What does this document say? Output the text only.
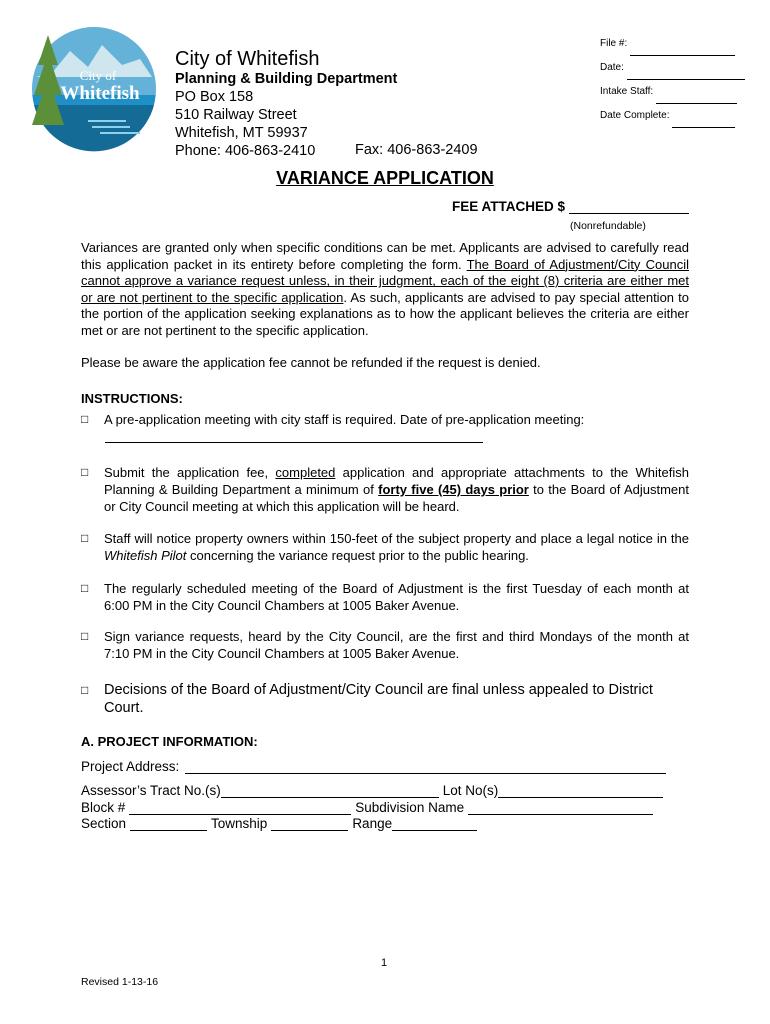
City of
Whitefish
File #:
Date:
Intake Staff:
Date Complete:
City of Whitefish
Planning & Building Department
PO Box 158
510 Railway Street
Whitefish, MT 59937
Phone: 406-863-2410	Fax: 406-863-2409
VARIANCE APPLICATION
FEE ATTACHED $
(Nonrefundable)
Variances are granted only when specific conditions can be met. Applicants are advised to carefully read this application packet in its entirety before completing the form. The Board of Adjustment/City Council cannot approve a variance request unless, in their judgment, each of the eight (8) criteria are either met or are not pertinent to the specific application. As such, applicants are advised to pay special attention to the portion of the application seeking explanations as to how the applicant believes the criteria are either met or are not pertinent to the specific application.
Please be aware the application fee cannot be refunded if the request is denied.
INSTRUCTIONS:
□	A pre-application meeting with city staff is required. Date of pre-application meeting:
□	Submit the application fee, completed application and appropriate attachments to the Whitefish Planning & Building Department a minimum of forty five (45) days prior to the Board of Adjustment or City Council meeting at which this application will be heard.
□	Staff will notice property owners within 150-feet of the subject property and place a legal notice in the Whitefish Pilot concerning the variance request prior to the public hearing.
□	The regularly scheduled meeting of the Board of Adjustment is the first Tuesday of each month at 6:00 PM in the City Council Chambers at 1005 Baker Avenue.
□	Sign variance requests, heard by the City Council, are the first and third Mondays of the month at 7:10 PM in the City Council Chambers at 1005 Baker Avenue.
□	Decisions of the Board of Adjustment/City Council are final unless appealed to District Court.
A. PROJECT INFORMATION:
Project Address:
Assessor’s Tract No.(s)	Lot No(s)
Block #	Subdivision Name
Section	Township	Range
1
Revised 1-13-16
